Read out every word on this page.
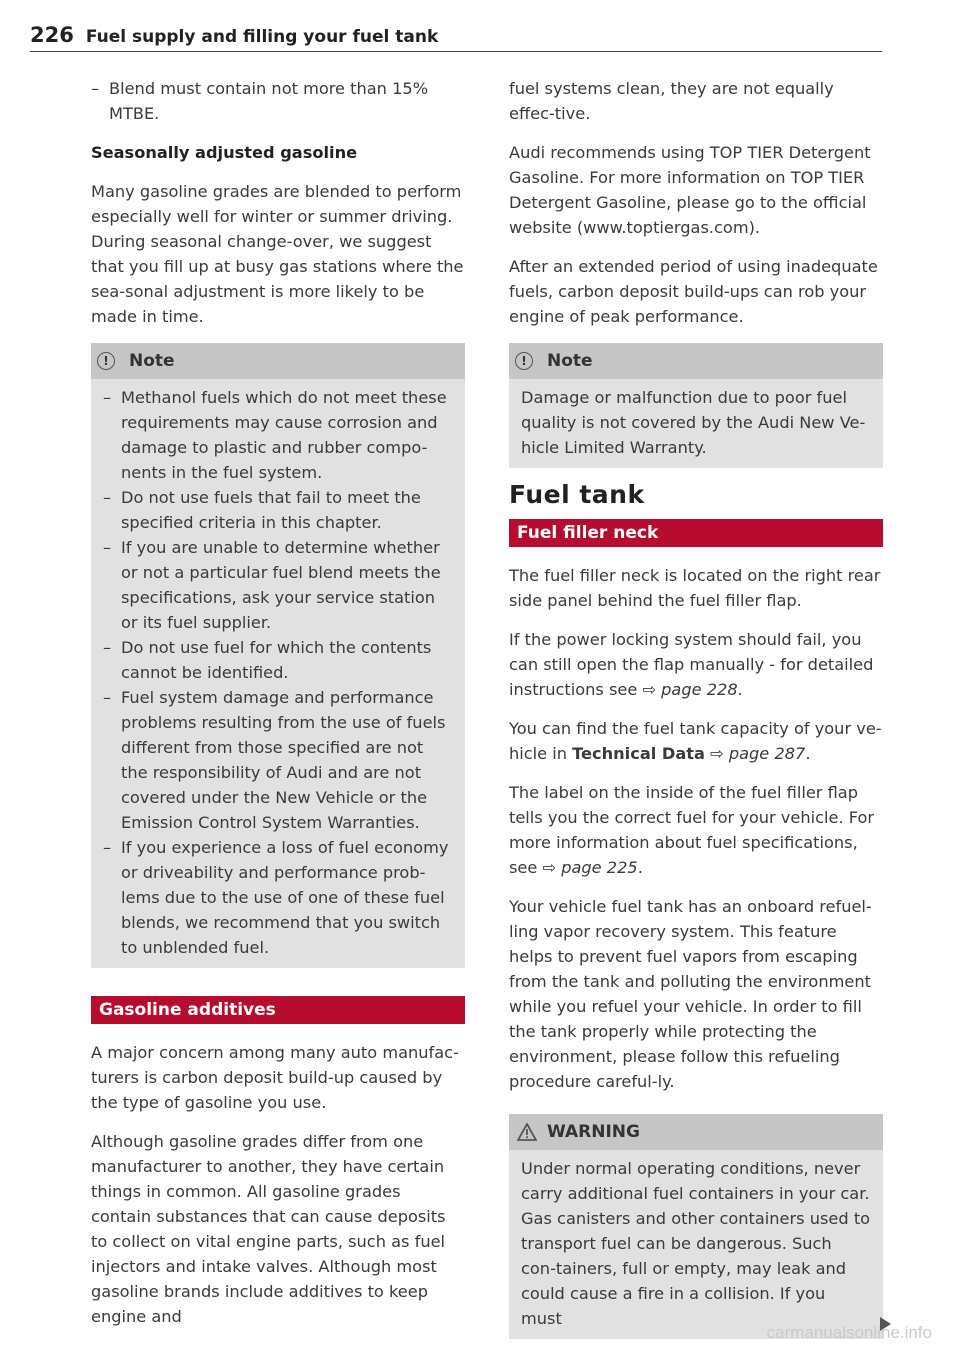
226 Fuel supply and filling your fuel tank
– Blend must contain not more than 15% MTBE.
Seasonally adjusted gasoline

Many gasoline grades are blended to perform especially well for winter or summer driving. During seasonal change-over, we suggest that you fill up at busy gas stations where the sea-sonal adjustment is more likely to be made in time.

!	Note
– Methanol fuels which do not meet these requirements may cause corrosion and damage to plastic and rubber compo-nents in the fuel system.
– Do not use fuels that fail to meet the specified criteria in this chapter.
– If you are unable to determine whether or not a particular fuel blend meets the specifications, ask your service station or its fuel supplier.
– Do not use fuel for which the contents cannot be identified.
– Fuel system damage and performance problems resulting from the use of fuels different from those specified are not the responsibility of Audi and are not covered under the New Vehicle or the Emission Control System Warranties.
– If you experience a loss of fuel economy or driveability and performance prob-lems due to the use of one of these fuel blends, we recommend that you switch to unblended fuel.
Gasoline additives

A major concern among many auto manufac-turers is carbon deposit build-up caused by the type of gasoline you use.

Although gasoline grades differ from one manufacturer to another, they have certain things in common. All gasoline grades contain substances that can cause deposits to collect on vital engine parts, such as fuel injectors and intake valves. Although most gasoline brands include additives to keep engine and

fuel systems clean, they are not equally effec-tive.

Audi recommends using TOP TIER Detergent Gasoline. For more information on TOP TIER Detergent Gasoline, please go to the official website (www.toptiergas.com).

After an extended period of using inadequate fuels, carbon deposit build-ups can rob your engine of peak performance.

!	Note
Damage or malfunction due to poor fuel quality is not covered by the Audi New Ve-hicle Limited Warranty.
Fuel tank
Fuel filler neck

The fuel filler neck is located on the right rear side panel behind the fuel filler flap.

If the power locking system should fail, you can still open the flap manually - for detailed instructions see ⇨ page 228.

You can find the fuel tank capacity of your ve-hicle in Technical Data ⇨ page 287.

The label on the inside of the fuel filler flap tells you the correct fuel for your vehicle. For more information about fuel specifications, see ⇨ page 225.

Your vehicle fuel tank has an onboard refuel-ling vapor recovery system. This feature helps to prevent fuel vapors from escaping from the tank and polluting the environment while you refuel your vehicle. In order to fill the tank properly while protecting the environment, please follow this refueling procedure careful-ly.

WARNING
Under normal operating conditions, never carry additional fuel containers in your car. Gas canisters and other containers used to transport fuel can be dangerous. Such con-tainers, full or empty, may leak and could cause a fire in a collision. If you must
carmanualsonline.info
